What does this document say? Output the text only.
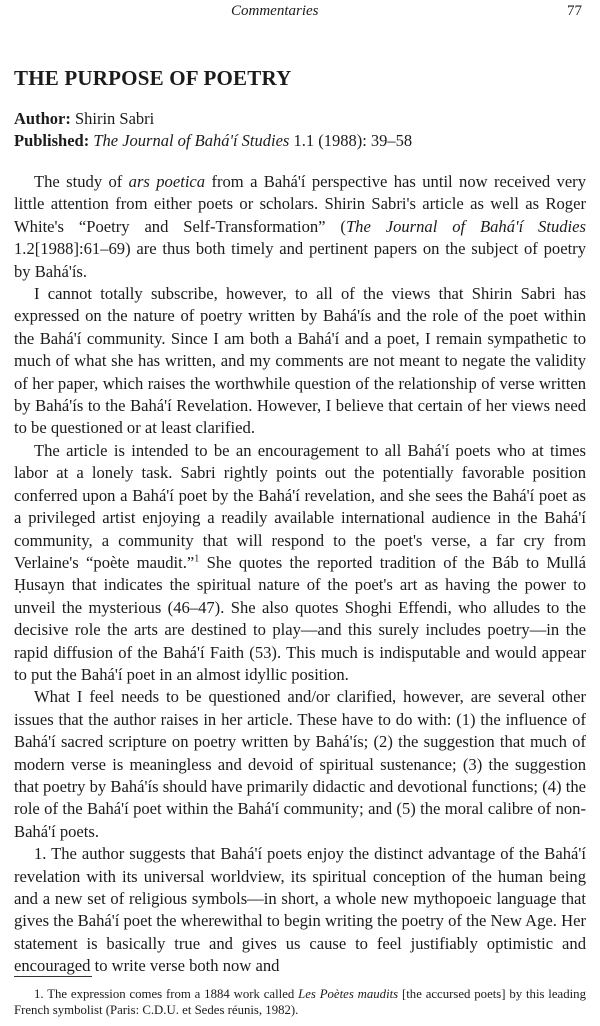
Commentaries	77
THE PURPOSE OF POETRY
Author: Shirin Sabri
Published: The Journal of Bahá'í Studies 1.1 (1988): 39–58

The study of ars poetica from a Bahá'í perspective has until now received very little attention from either poets or scholars. Shirin Sabri's article as well as Roger White's “Poetry and Self-Transformation” (The Journal of Bahá'í Studies 1.2[1988]:61–69) are thus both timely and pertinent papers on the subject of poetry by Bahá'ís.

I cannot totally subscribe, however, to all of the views that Shirin Sabri has expressed on the nature of poetry written by Bahá'ís and the role of the poet within the Bahá'í community. Since I am both a Bahá'í and a poet, I remain sympathetic to much of what she has written, and my comments are not meant to negate the validity of her paper, which raises the worthwhile question of the relationship of verse written by Bahá'ís to the Bahá'í Revelation. However, I believe that certain of her views need to be questioned or at least clarified.

The article is intended to be an encouragement to all Bahá'í poets who at times labor at a lonely task. Sabri rightly points out the potentially favorable position conferred upon a Bahá'í poet by the Bahá'í revelation, and she sees the Bahá'í poet as a privileged artist enjoying a readily available international audience in the Bahá'í community, a community that will respond to the poet's verse, a far cry from Verlaine's “poète maudit.”$^1$ She quotes the reported tradition of the Báb to Mullá Ḥusayn that indicates the spiritual nature of the poet's art as having the power to unveil the mysterious (46–47). She also quotes Shoghi Effendi, who alludes to the decisive role the arts are destined to play—and this surely includes poetry—in the rapid diffusion of the Bahá'í Faith (53). This much is indisputable and would appear to put the Bahá'í poet in an almost idyllic position.

What I feel needs to be questioned and/or clarified, however, are several other issues that the author raises in her article. These have to do with: (1) the influence of Bahá'í sacred scripture on poetry written by Bahá'ís; (2) the suggestion that much of modern verse is meaningless and devoid of spiritual sustenance; (3) the suggestion that poetry by Bahá'ís should have primarily didactic and devotional functions; (4) the role of the Bahá'í poet within the Bahá'í community; and (5) the moral calibre of non-Bahá'í poets.

1. The author suggests that Bahá'í poets enjoy the distinct advantage of the Bahá'í revelation with its universal worldview, its spiritual conception of the human being and a new set of religious symbols—in short, a whole new mythopoeic language that gives the Bahá'í poet the wherewithal to begin writing the poetry of the New Age. Her statement is basically true and gives us cause to feel justifiably optimistic and encouraged to write verse both now and

1. The expression comes from a 1884 work called Les Poètes maudits [the accursed poets] by this leading French symbolist (Paris: C.D.U. et Sedes réunis, 1982).
